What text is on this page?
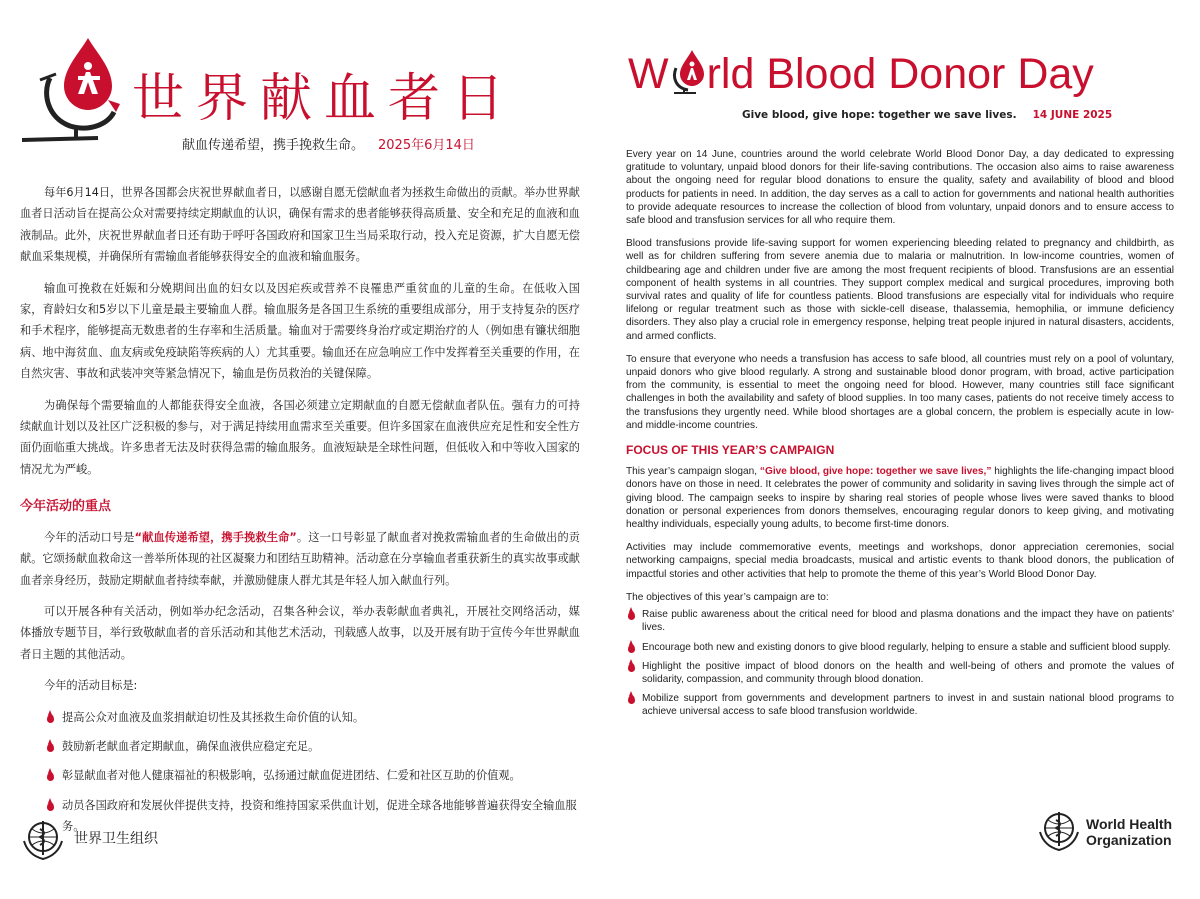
世界献血者日
献血传递希望，携手挽救生命。 2025年6月14日

每年6月14日，世界各国都会庆祝世界献血者日，以感谢自愿无偿献血者为拯救生命做出的贡献。举办世界献血者日活动旨在提高公众对需要持续定期献血的认识，确保有需求的患者能够获得高质量、安全和充足的血液和血液制品。此外，庆祝世界献血者日还有助于呼吁各国政府和国家卫生当局采取行动，投入充足资源，扩大自愿无偿献血采集规模，并确保所有需输血者能够获得安全的血液和输血服务。

输血可挽救在妊娠和分娩期间出血的妇女以及因疟疾或营养不良罹患严重贫血的儿童的生命。在低收入国家，育龄妇女和5岁以下儿童是最主要输血人群。输血服务是各国卫生系统的重要组成部分，用于支持复杂的医疗和手术程序，能够提高无数患者的生存率和生活质量。输血对于需要终身治疗或定期治疗的人（例如患有镰状细胞病、地中海贫血、血友病或免疫缺陷等疾病的人）尤其重要。输血还在应急响应工作中发挥着至关重要的作用，在自然灾害、事故和武装冲突等紧急情况下，输血是伤员救治的关键保障。

为确保每个需要输血的人都能获得安全血液，各国必须建立定期献血的自愿无偿献血者队伍。强有力的可持续献血计划以及社区广泛积极的参与，对于满足持续用血需求至关重要。但许多国家在血液供应充足性和安全性方面仍面临重大挑战。许多患者无法及时获得急需的输血服务。血液短缺是全球性问题，但低收入和中等收入国家的情况尤为严峻。

今年活动的重点

今年的活动口号是“献血传递希望，携手挽救生命”。这一口号彰显了献血者对挽救需输血者的生命做出的贡献。它颂扬献血救命这一善举所体现的社区凝聚力和团结互助精神。活动意在分享输血者重获新生的真实故事或献血者亲身经历，鼓励定期献血者持续奉献，并激励健康人群尤其是年轻人加入献血行列。

可以开展各种有关活动，例如举办纪念活动，召集各种会议，举办表彰献血者典礼，开展社交网络活动，媒体播放专题节目，举行致敬献血者的音乐活动和其他艺术活动，刊载感人故事，以及开展有助于宣传今年世界献血者日主题的其他活动。

今年的活动目标是:

提高公众对血液及血浆捐献迫切性及其拯救生命价值的认知。
鼓励新老献血者定期献血，确保血液供应稳定充足。
彰显献血者对他人健康福祉的积极影响，弘扬通过献血促进团结、仁爱和社区互助的价值观。
动员各国政府和发展伙伴提供支持，投资和维持国家采供血计划，促进全球各地能够普遍获得安全输血服务。
世界卫生组织
W rld Blood Donor Day
Give blood, give hope: together we save lives. 14 JUNE 2025

Every year on 14 June, countries around the world celebrate World Blood Donor Day, a day dedicated to expressing gratitude to voluntary, unpaid blood donors for their life-saving contributions. The occasion also aims to raise awareness about the ongoing need for regular blood donations to ensure the quality, safety and availability of blood and blood products for patients in need. In addition, the day serves as a call to action for governments and national health authorities to provide adequate resources to increase the collection of blood from voluntary, unpaid donors and to ensure access to safe blood and transfusion services for all who require them.

Blood transfusions provide life-saving support for women experiencing bleeding related to pregnancy and childbirth, as well as for children suffering from severe anemia due to malaria or malnutrition. In low-income countries, women of childbearing age and children under five are among the most frequent recipients of blood. Transfusions are an essential component of health systems in all countries. They support complex medical and surgical procedures, improving both survival rates and quality of life for countless patients. Blood transfusions are especially vital for individuals who require lifelong or regular treatment such as those with sickle-cell disease, thalassemia, hemophilia, or immune deficiency disorders. They also play a crucial role in emergency response, helping treat people injured in natural disasters, accidents, and armed conflicts.

To ensure that everyone who needs a transfusion has access to safe blood, all countries must rely on a pool of voluntary, unpaid donors who give blood regularly. A strong and sustainable blood donor program, with broad, active participation from the community, is essential to meet the ongoing need for blood. However, many countries still face significant challenges in both the availability and safety of blood supplies. In too many cases, patients do not receive timely access to the transfusions they urgently need. While blood shortages are a global concern, the problem is especially acute in low- and middle-income countries.

FOCUS OF THIS YEAR’S CAMPAIGN

This year’s campaign slogan, “Give blood, give hope: together we save lives,” highlights the life-changing impact blood donors have on those in need. It celebrates the power of community and solidarity in saving lives through the simple act of giving blood. The campaign seeks to inspire by sharing real stories of people whose lives were saved thanks to blood donation or personal experiences from donors themselves, encouraging regular donors to keep giving, and motivating healthy individuals, especially young adults, to become first-time donors.

Activities may include commemorative events, meetings and workshops, donor appreciation ceremonies, social networking campaigns, special media broadcasts, musical and artistic events to thank blood donors, the publication of impactful stories and other activities that help to promote the theme of this year’s World Blood Donor Day.

The objectives of this year’s campaign are to:

Raise public awareness about the critical need for blood and plasma donations and the impact they have on patients' lives.
Encourage both new and existing donors to give blood regularly, helping to ensure a stable and sufficient blood supply.
Highlight the positive impact of blood donors on the health and well-being of others and promote the values of solidarity, compassion, and community through blood donation.
Mobilize support from governments and development partners to invest in and sustain national blood programs to achieve universal access to safe blood transfusion worldwide.
World Health
Organization
